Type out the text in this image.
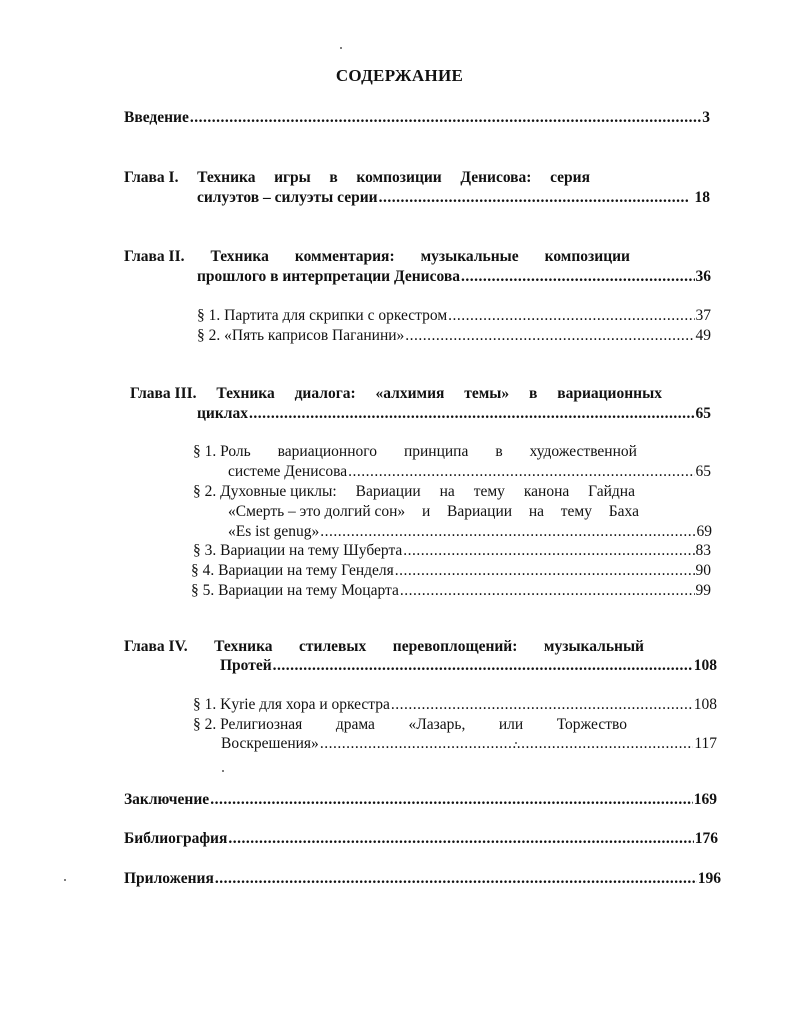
СОДЕРЖАНИЕ
Введение .....	3
Глава I. Техника игры в композиции Денисова: серия
силуэтов – силуэты серии .....	18
Глава II. Техника комментария: музыкальные композиции
прошлого в интерпретации Денисова .....	36
§ 1. Партита для скрипки с оркестром .....	37
§ 2. «Пять каприсов Паганини» .....	49
Глава III. Техника диалога: «алхимия темы» в вариационных
циклах .....	65
§ 1. Роль вариационного принципа в художественной
системе Денисова .....	65
§ 2. Духовные циклы: Вариации на тему канона Гайдна
«Смерть – это долгий сон» и Вариации на тему Баха
«Es ist genug» .....	69
§ 3. Вариации на тему Шуберта .....	83
§ 4. Вариации на тему Генделя .....	90
§ 5. Вариации на тему Моцарта .....	99
Глава IV. Техника стилевых перевоплощений: музыкальный
Протей .....	108
§ 1. Kyrie для хора и оркестра .....	108
§ 2. Религиозная драма «Лазарь, или Торжество
Воскрешения» .....	117
Заключение .....	169
Библиография .....	176
Приложения .....	196
